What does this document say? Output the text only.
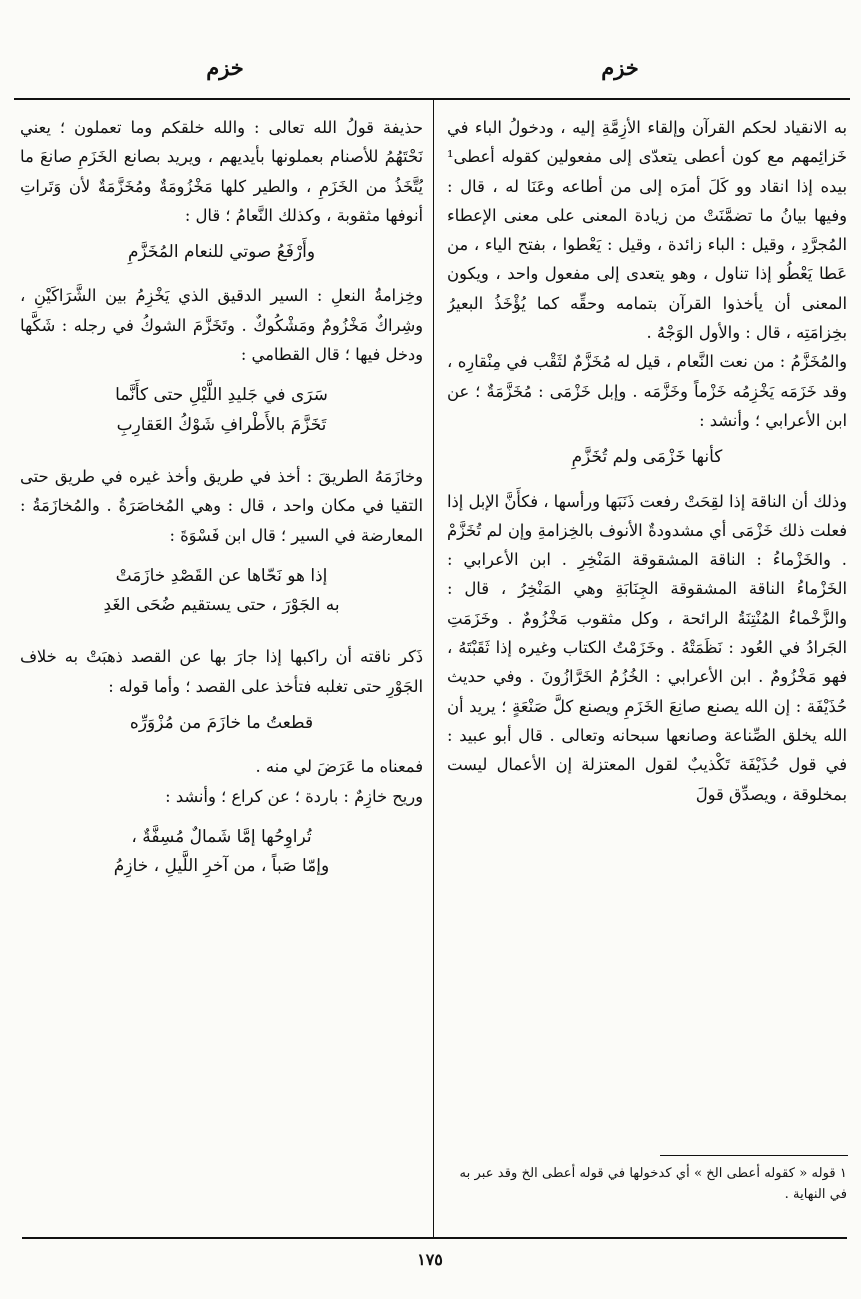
خزم
خزم

به الانقياد لحكم القرآن وإلقاء الأزِمَّةِ إليه ، ودخولُ الباء في خَزائِمهم مع كون أعطى يتعدّى إلى مفعولين كقوله أعطى¹ بيده إذا انقاد وو كَلَ أمرَه إلى من أطاعه وعَنَا له ، قال : وفيها بيانُ ما تضمَّنَتْ من زيادة المعنى على معنى الإعطاء المُجرَّدِ ، وقيل : الباء زائدة ، وقيل : يَعْطوا ، بفتح الياء ، من عَطا يَعْطُو إذا تناول ، وهو يتعدى إلى مفعول واحد ، ويكون المعنى أن يأخذوا القرآن بتمامه وحقِّه كما يُؤْخَذُ البعيرُ بخِزامَتِه ، قال : والأول الوَجْهُ .

والمُخَزَّمُ : من نعت النَّعام ، قيل له مُخَزَّمٌ لثَقْب في مِنْقارِه ، وقد خَزَمَه يَخْزِمُه خَزْماً وخَزَّمَه . وإبل خَزْمَى : مُخَزَّمَةٌ ؛ عن ابن الأعرابي ؛ وأنشد :

كأنها خَزْمَى ولم تُخَزَّمِ

وذلك أن الناقة إذا لقِحَتْ رفعت ذَنَبَها ورأسها ، فكأَنَّ الإبل إذا فعلت ذلك خَزْمَى أي مشدودةٌ الأنوف بالخِزامةِ وإن لم تُخَزَّمْ . والخَزْماءُ : الناقة المشقوقة المَنْخِرِ . ابن الأعرابي : الخَزْماءُ الناقة المشقوقة الجِنَابَةِ وهي المَنْخِرُ ، قال : والزَّخْماءُ المُنْتِنَةُ الرائحة ، وكل مثقوب مَخْزُومٌ . وخَزَمَتِ الجَرادُ في العُود : نَظَمَتْهُ . وخَزَمْتُ الكتاب وغيره إذا ثَقَبْتَهُ ، فهو مَخْزُومٌ . ابن الأعرابي : الخُزُمُ الخَرَّازُونَ . وفي حديث حُذَيْفَة : إن الله يصنع صانِعَ الخَزَمِ ويصنع كلَّ صَنْعَةٍ ؛ يريد أن الله يخلق الصِّناعة وصانعها سبحانه وتعالى . قال أبو عبيد : في قول حُذَيْفَة تَكْذيبٌ لقول المعتزلة إن الأعمال ليست بمخلوقة ، ويصدِّق قولَ

١ قوله « كقوله أعطى الخ » أي كدخولها في قوله أعطى الخ وقد عبر به في النهاية .

حذيفة قولُ الله تعالى : والله خلقكم وما تعملون ؛ يعني نَحْتَهُمُ للأصنام بعملونها بأيديهم ، ويريد بصانع الخَزَمِ صانعَ ما يُتَّخَذُ من الخَزَمِ ، والطير كلها مَخْزُومَةٌ ومُخَزَّمَةٌ لأن وَتَراتِ أنوفها مثقوبة ، وكذلك النَّعامُ ؛ قال :

وأَرْفَعُ صوتي للنعام المُخَزَّمِ

وخِزامةُ النعلِ : السير الدقيق الذي يَخْزِمُ بين الشَّرَاكَيْنِ ، وشِراكٌ مَخْزُومٌ ومَشْكُوكٌ . وتَخَزَّمَ الشوكُ في رجله : شَكَّها ودخل فيها ؛ قال القطامي :

سَرَى في جَليدِ اللَّيْلِ حتى كأَنَّما
تَخَزَّمَ بالأَطْرافِ شَوْكُ العَقارِبِ

وخازَمَهُ الطريقَ : أخذ في طريق وأخذ غيره في طريق حتى التقيا في مكان واحد ، قال : وهي المُخاصَرَةُ . والمُخازَمَةُ : المعارضة في السير ؛ قال ابن فَسْوَةَ :

إذا هو نَحّاها عن القَصْدِ خازَمَتْ
به الجَوْرَ ، حتى يستقيم ضُحَى الغَدِ

ذَكر ناقته أن راكبها إذا جارَ بها عن القصد ذهبَتْ به خلاف الجَوْرِ حتى تغلبه فتأخذ على القصد ؛ وأما قوله :

قطعتُ ما خازَمَ من مُزْوَرِّه

فمعناه ما عَرَضَ لي منه .

وريح خازِمٌ : باردة ؛ عن كراع ؛ وأنشد :

تُراوِحُها إمَّا شَمالٌ مُسِفَّةٌ ،
وإمّا صَباً ، من آخرِ اللَّيلِ ، خازِمُ
١٧٥
